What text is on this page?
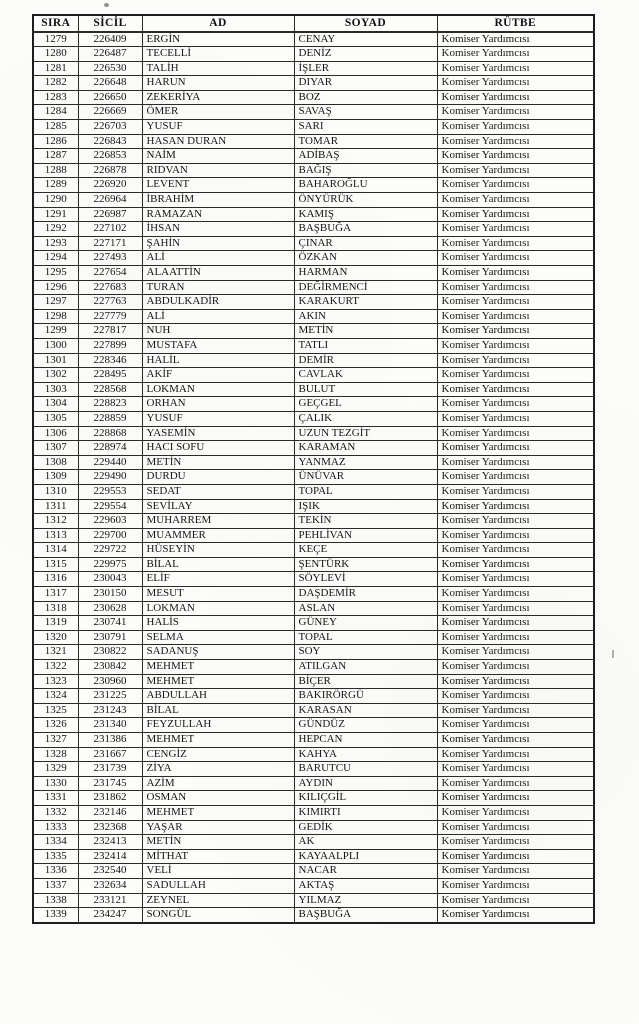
SIRA	SİCİL	AD	SOYAD	RÜTBE
1279	226409	ERGİN	CENAY	Komiser Yardımcısı
1280	226487	TECELLİ	DENİZ	Komiser Yardımcısı
1281	226530	TALİH	İŞLER	Komiser Yardımcısı
1282	226648	HARUN	DIYAR	Komiser Yardımcısı
1283	226650	ZEKERİYA	BOZ	Komiser Yardımcısı
1284	226669	ÖMER	SAVAŞ	Komiser Yardımcısı
1285	226703	YUSUF	SARI	Komiser Yardımcısı
1286	226843	HASAN DURAN	TOMAR	Komiser Yardımcısı
1287	226853	NAİM	ADİBAŞ	Komiser Yardımcısı
1288	226878	RIDVAN	BAĞIŞ	Komiser Yardımcısı
1289	226920	LEVENT	BAHAROĞLU	Komiser Yardımcısı
1290	226964	İBRAHİM	ÖNYÜRÜK	Komiser Yardımcısı
1291	226987	RAMAZAN	KAMIŞ	Komiser Yardımcısı
1292	227102	İHSAN	BAŞBUĞA	Komiser Yardımcısı
1293	227171	ŞAHİN	ÇINAR	Komiser Yardımcısı
1294	227493	ALİ	ÖZKAN	Komiser Yardımcısı
1295	227654	ALAATTİN	HARMAN	Komiser Yardımcısı
1296	227683	TURAN	DEĞİRMENCİ	Komiser Yardımcısı
1297	227763	ABDULKADİR	KARAKURT	Komiser Yardımcısı
1298	227779	ALİ	AKIN	Komiser Yardımcısı
1299	227817	NUH	METİN	Komiser Yardımcısı
1300	227899	MUSTAFA	TATLI	Komiser Yardımcısı
1301	228346	HALİL	DEMİR	Komiser Yardımcısı
1302	228495	AKİF	CAVLAK	Komiser Yardımcısı
1303	228568	LOKMAN	BULUT	Komiser Yardımcısı
1304	228823	ORHAN	GEÇGEL	Komiser Yardımcısı
1305	228859	YUSUF	ÇALIK	Komiser Yardımcısı
1306	228868	YASEMİN	UZUN TEZGİT	Komiser Yardımcısı
1307	228974	HACI SOFU	KARAMAN	Komiser Yardımcısı
1308	229440	METİN	YANMAZ	Komiser Yardımcısı
1309	229490	DURDU	ÜNÜVAR	Komiser Yardımcısı
1310	229553	SEDAT	TOPAL	Komiser Yardımcısı
1311	229554	SEVİLAY	IŞIK	Komiser Yardımcısı
1312	229603	MUHARREM	TEKİN	Komiser Yardımcısı
1313	229700	MUAMMER	PEHLİVAN	Komiser Yardımcısı
1314	229722	HÜSEYİN	KEÇE	Komiser Yardımcısı
1315	229975	BİLAL	ŞENTÜRK	Komiser Yardımcısı
1316	230043	ELİF	SÖYLEVİ	Komiser Yardımcısı
1317	230150	MESUT	DAŞDEMİR	Komiser Yardımcısı
1318	230628	LOKMAN	ASLAN	Komiser Yardımcısı
1319	230741	HALİS	GÜNEY	Komiser Yardımcısı
1320	230791	SELMA	TOPAL	Komiser Yardımcısı
1321	230822	SADANUŞ	SOY	Komiser Yardımcısı
1322	230842	MEHMET	ATILGAN	Komiser Yardımcısı
1323	230960	MEHMET	BİÇER	Komiser Yardımcısı
1324	231225	ABDULLAH	BAKIRÖRGÜ	Komiser Yardımcısı
1325	231243	BİLAL	KARASAN	Komiser Yardımcısı
1326	231340	FEYZULLAH	GÜNDÜZ	Komiser Yardımcısı
1327	231386	MEHMET	HEPCAN	Komiser Yardımcısı
1328	231667	CENGİZ	KAHYA	Komiser Yardımcısı
1329	231739	ZİYA	BARUTCU	Komiser Yardımcısı
1330	231745	AZİM	AYDIN	Komiser Yardımcısı
1331	231862	OSMAN	KILIÇGİL	Komiser Yardımcısı
1332	232146	MEHMET	KIMIRTI	Komiser Yardımcısı
1333	232368	YAŞAR	GEDİK	Komiser Yardımcısı
1334	232413	METİN	AK	Komiser Yardımcısı
1335	232414	MİTHAT	KAYAALPLI	Komiser Yardımcısı
1336	232540	VELİ	NACAR	Komiser Yardımcısı
1337	232634	SADULLAH	AKTAŞ	Komiser Yardımcısı
1338	233121	ZEYNEL	YILMAZ	Komiser Yardımcısı
1339	234247	SONGÜL	BAŞBUĞA	Komiser Yardımcısı
